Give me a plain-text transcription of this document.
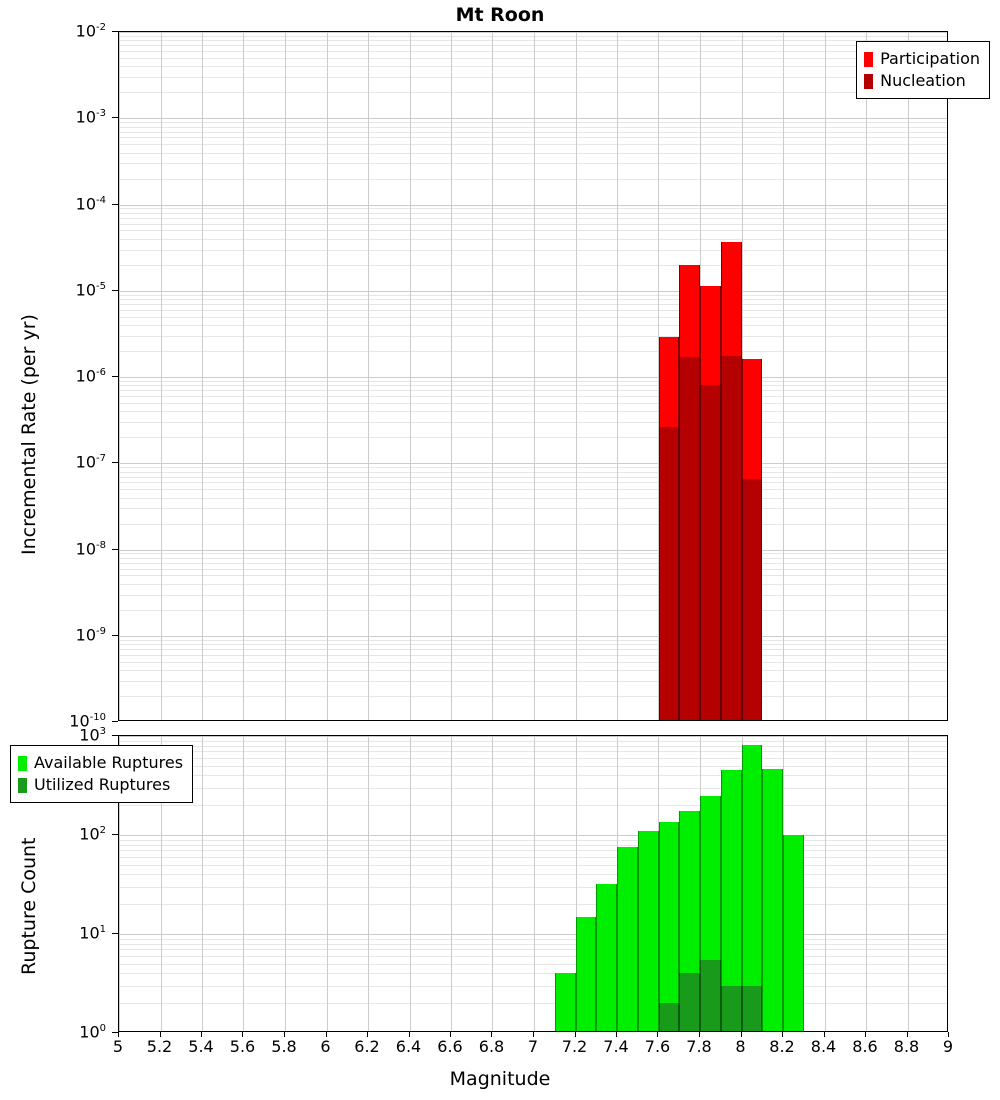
Mt Roon
Incremental Rate (per yr)
Rupture Count
Magnitude
Participation
Nucleation
Available Ruptures
Utilized Ruptures
$10^{-10}$
$10^{-9}$
$10^{-8}$
$10^{-7}$
$10^{-6}$
$10^{-5}$
$10^{-4}$
$10^{-3}$
$10^{-2}$
$10^0$
$10^1$
$10^2$
$10^3$
5 5.2 5.4 5.6 5.8 6 6.2 6.4 6.6 6.8 7 7.2 7.4 7.6 7.8 8 8.2 8.4 8.6 8.8 9
